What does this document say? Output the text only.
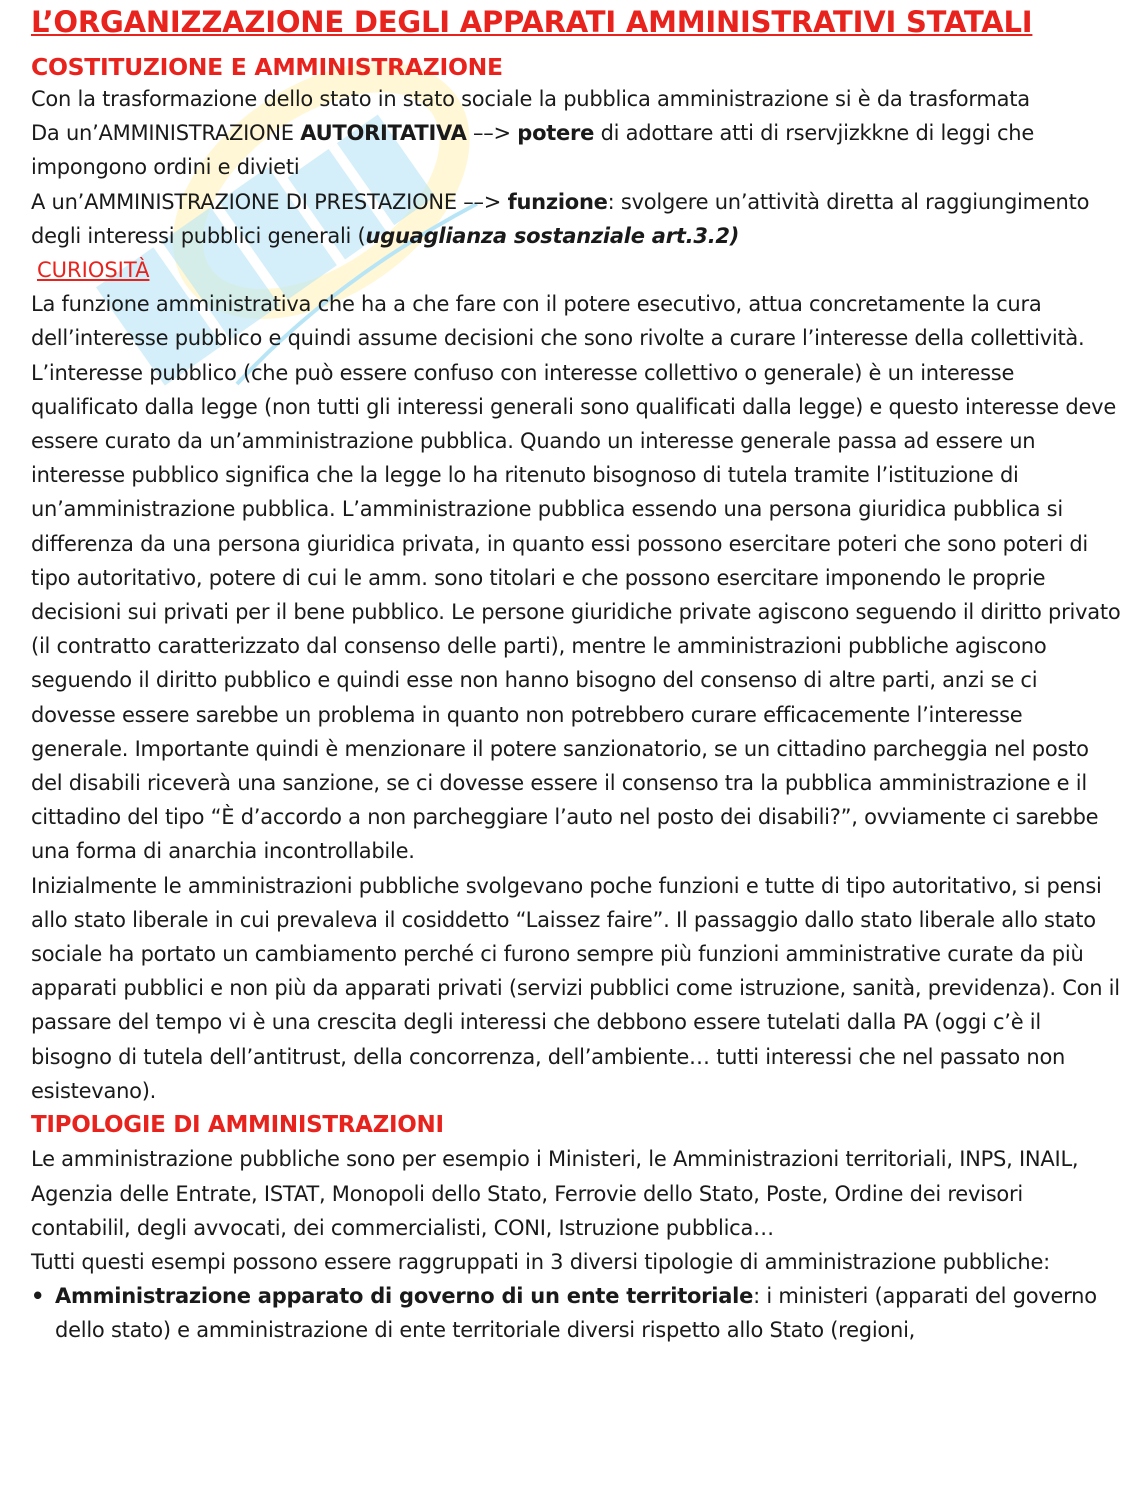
L’ORGANIZZAZIONE DEGLI APPARATI AMMINISTRATIVI STATALI
COSTITUZIONE E AMMINISTRAZIONE

Con la trasformazione dello stato in stato sociale la pubblica amministrazione si è da trasformata

Da un’AMMINISTRAZIONE AUTORITATIVA ––> potere di adottare atti di rservjizkkne di leggi che impongono ordini e divieti

A un’AMMINISTRAZIONE DI PRESTAZIONE ––> funzione: svolgere un’attività diretta al raggiungimento degli interessi pubblici generali (uguaglianza sostanziale art.3.2)

CURIOSITÀ

La funzione amministrativa che ha a che fare con il potere esecutivo, attua concretamente la cura dell’interesse pubblico e quindi assume decisioni che sono rivolte a curare l’interesse della collettività. L’interesse pubblico (che può essere confuso con interesse collettivo o generale) è un interesse qualificato dalla legge (non tutti gli interessi generali sono qualificati dalla legge) e questo interesse deve essere curato da un’amministrazione pubblica. Quando un interesse generale passa ad essere un interesse pubblico significa che la legge lo ha ritenuto bisognoso di tutela tramite l’istituzione di un’amministrazione pubblica. L’amministrazione pubblica essendo una persona giuridica pubblica si differenza da una persona giuridica privata, in quanto essi possono esercitare poteri che sono poteri di tipo autoritativo, potere di cui le amm. sono titolari e che possono esercitare imponendo le proprie decisioni sui privati per il bene pubblico. Le persone giuridiche private agiscono seguendo il diritto privato (il contratto caratterizzato dal consenso delle parti), mentre le amministrazioni pubbliche agiscono seguendo il diritto pubblico e quindi esse non hanno bisogno del consenso di altre parti, anzi se ci dovesse essere sarebbe un problema in quanto non potrebbero curare efficacemente l’interesse generale. Importante quindi è menzionare il potere sanzionatorio, se un cittadino parcheggia nel posto del disabili riceverà una sanzione, se ci dovesse essere il consenso tra la pubblica amministrazione e il cittadino del tipo “È d’accordo a non parcheggiare l’auto nel posto dei disabili?”, ovviamente ci sarebbe una forma di anarchia incontrollabile.

Inizialmente le amministrazioni pubbliche svolgevano poche funzioni e tutte di tipo autoritativo, si pensi allo stato liberale in cui prevaleva il cosiddetto “Laissez faire”. Il passaggio dallo stato liberale allo stato sociale ha portato un cambiamento perché ci furono sempre più funzioni amministrative curate da più apparati pubblici e non più da apparati privati (servizi pubblici come istruzione, sanità, previdenza). Con il passare del tempo vi è una crescita degli interessi che debbono essere tutelati dalla PA (oggi c’è il bisogno di tutela dell’antitrust, della concorrenza, dell’ambiente… tutti interessi che nel passato non esistevano).

TIPOLOGIE DI AMMINISTRAZIONI

Le amministrazione pubbliche sono per esempio i Ministeri, le Amministrazioni territoriali, INPS, INAIL, Agenzia delle Entrate, ISTAT, Monopoli dello Stato, Ferrovie dello Stato, Poste, Ordine dei revisori contabilil, degli avvocati, dei commercialisti, CONI, Istruzione pubblica…

Tutti questi esempi possono essere raggruppati in 3 diversi tipologie di amministrazione pubbliche:

• Amministrazione apparato di governo di un ente territoriale: i ministeri (apparati del governo dello stato) e amministrazione di ente territoriale diversi rispetto allo Stato (regioni,
